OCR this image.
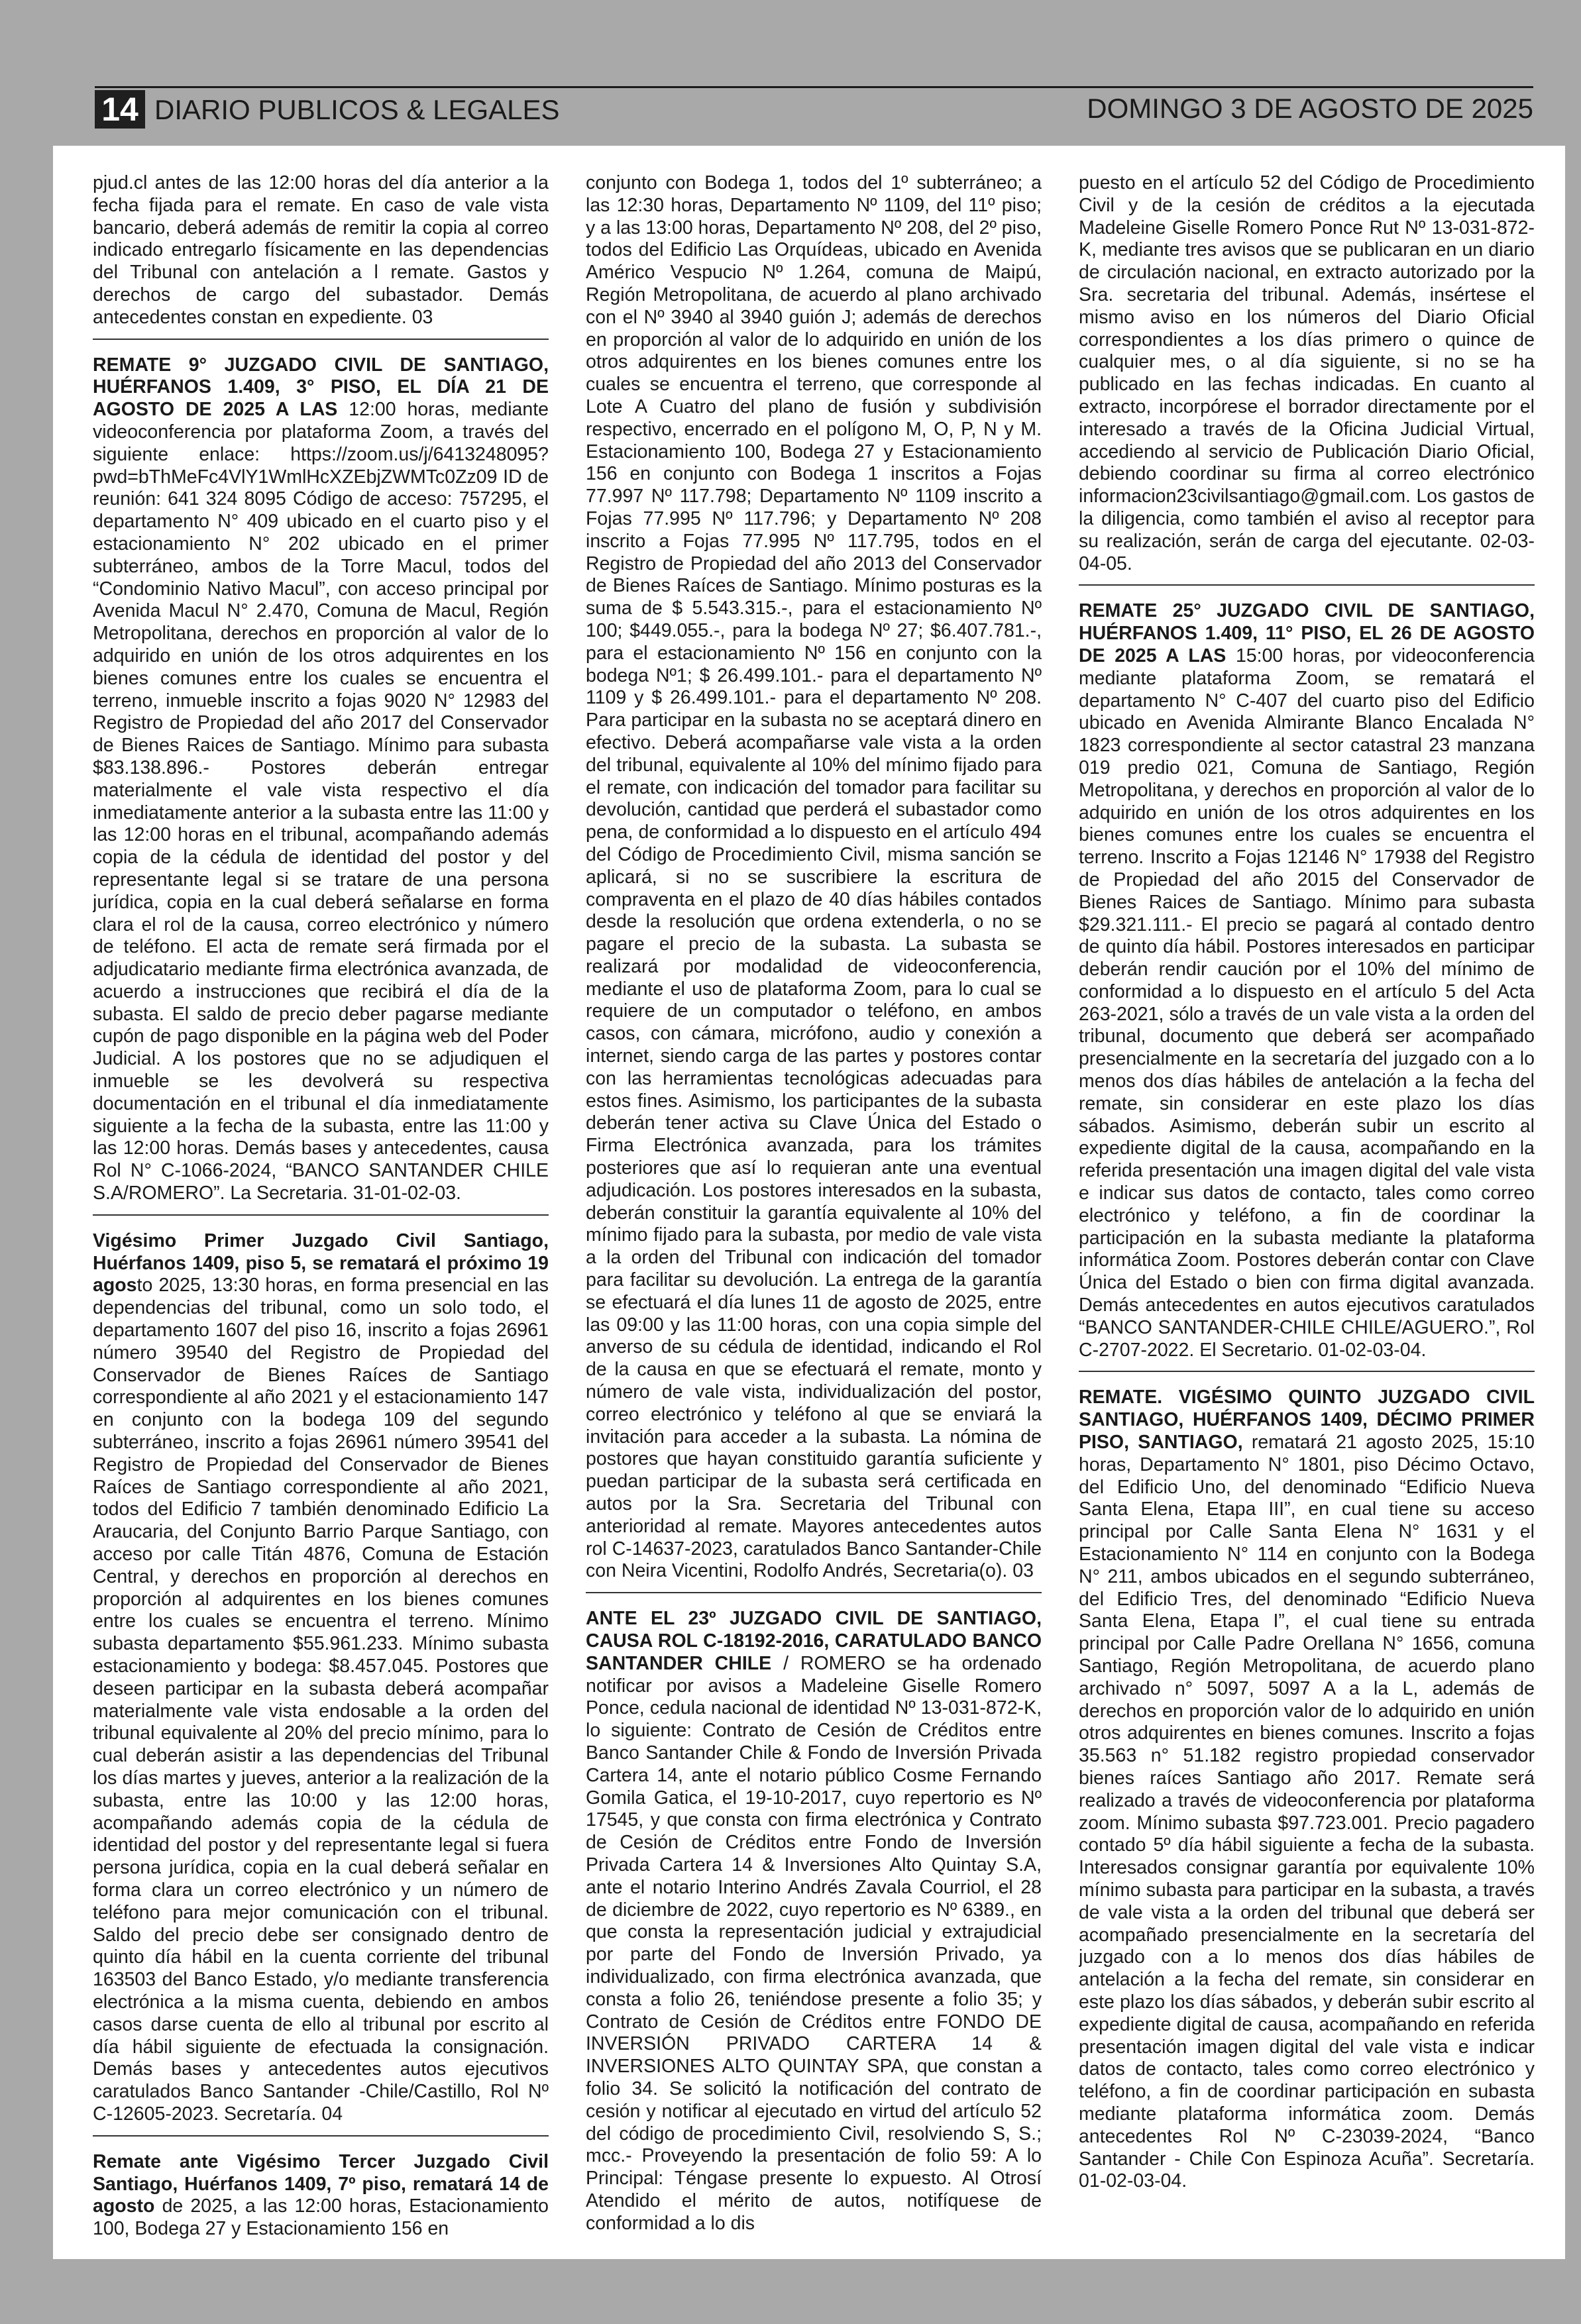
14 DIARIO PUBLICOS & LEGALES	DOMINGO 3 DE AGOSTO DE 2025

pjud.cl antes de las 12:00 horas del día anterior a la fecha fijada para el remate. En caso de vale vista bancario, deberá además de remitir la copia al correo indicado entregarlo físicamente en las dependencias del Tribunal con antelación a l remate. Gastos y derechos de cargo del subastador. Demás antecedentes constan en expediente. 03

REMATE 9° JUZGADO CIVIL DE SANTIAGO, HUÉRFANOS 1.409, 3° PISO, EL DÍA 21 DE AGOSTO DE 2025 A LAS 12:00 horas, mediante videoconferencia por plataforma Zoom, a través del siguiente enlace: https://zoom.us/j/6413248095?pwd=bThMeFc4VlY1WmlHcXZEbjZWMTc0Zz09 ID de reunión: 641 324 8095 Código de acceso: 757295, el departamento N° 409 ubicado en el cuarto piso y el estacionamiento N° 202 ubicado en el primer subterráneo, ambos de la Torre Macul, todos del “Condominio Nativo Macul”, con acceso principal por Avenida Macul N° 2.470, Comuna de Macul, Región Metropolitana, derechos en proporción al valor de lo adquirido en unión de los otros adquirentes en los bienes comunes entre los cuales se encuentra el terreno, inmueble inscrito a fojas 9020 N° 12983 del Registro de Propiedad del año 2017 del Conservador de Bienes Raices de Santiago. Mínimo para subasta $83.138.896.- Postores deberán entregar materialmente el vale vista respectivo el día inmediatamente anterior a la subasta entre las 11:00 y las 12:00 horas en el tribunal, acompañando además copia de la cédula de identidad del postor y del representante legal si se tratare de una persona jurídica, copia en la cual deberá señalarse en forma clara el rol de la causa, correo electrónico y número de teléfono. El acta de remate será firmada por el adjudicatario mediante firma electrónica avanzada, de acuerdo a instrucciones que recibirá el día de la subasta. El saldo de precio deber pagarse mediante cupón de pago disponible en la página web del Poder Judicial. A los postores que no se adjudiquen el inmueble se les devolverá su respectiva documentación en el tribunal el día inmediatamente siguiente a la fecha de la subasta, entre las 11:00 y las 12:00 horas. Demás bases y antecedentes, causa Rol N° C-1066-2024, “BANCO SANTANDER CHILE S.A/ROMERO”. La Secretaria. 31-01-02-03.

Vigésimo Primer Juzgado Civil Santiago, Huérfanos 1409, piso 5, se rematará el próximo 19 agosto 2025, 13:30 horas, en forma presencial en las dependencias del tribunal, como un solo todo, el departamento 1607 del piso 16, inscrito a fojas 26961 número 39540 del Registro de Propiedad del Conservador de Bienes Raíces de Santiago correspondiente al año 2021 y el estacionamiento 147 en conjunto con la bodega 109 del segundo subterráneo, inscrito a fojas 26961 número 39541 del Registro de Propiedad del Conservador de Bienes Raíces de Santiago correspondiente al año 2021, todos del Edificio 7 también denominado Edificio La Araucaria, del Conjunto Barrio Parque Santiago, con acceso por calle Titán 4876, Comuna de Estación Central, y derechos en proporción al derechos en proporción al adquirentes en los bienes comunes entre los cuales se encuentra el terreno. Mínimo subasta departamento $55.961.233. Mínimo subasta estacionamiento y bodega: $8.457.045. Postores que deseen participar en la subasta deberá acompañar materialmente vale vista endosable a la orden del tribunal equivalente al 20% del precio mínimo, para lo cual deberán asistir a las dependencias del Tribunal los días martes y jueves, anterior a la realización de la subasta, entre las 10:00 y las 12:00 horas, acompañando además copia de la cédula de identidad del postor y del representante legal si fuera persona jurídica, copia en la cual deberá señalar en forma clara un correo electrónico y un número de teléfono para mejor comunicación con el tribunal. Saldo del precio debe ser consignado dentro de quinto día hábil en la cuenta corriente del tribunal 163503 del Banco Estado, y/o mediante transferencia electrónica a la misma cuenta, debiendo en ambos casos darse cuenta de ello al tribunal por escrito al día hábil siguiente de efectuada la consignación. Demás bases y antecedentes autos ejecutivos caratulados Banco Santander -Chile/Castillo, Rol Nº C-12605-2023. Secretaría. 04

Remate ante Vigésimo Tercer Juzgado Civil Santiago, Huérfanos 1409, 7º piso, rematará 14 de agosto de 2025, a las 12:00 horas, Estacionamiento 100, Bodega 27 y Estacionamiento 156 en

conjunto con Bodega 1, todos del 1º subterráneo; a las 12:30 horas, Departamento Nº 1109, del 11º piso; y a las 13:00 horas, Departamento Nº 208, del 2º piso, todos del Edificio Las Orquídeas, ubicado en Avenida Américo Vespucio Nº 1.264, comuna de Maipú, Región Metropolitana, de acuerdo al plano archivado con el Nº 3940 al 3940 guión J; además de derechos en proporción al valor de lo adquirido en unión de los otros adquirentes en los bienes comunes entre los cuales se encuentra el terreno, que corresponde al Lote A Cuatro del plano de fusión y subdivisión respectivo, encerrado en el polígono M, O, P, N y M. Estacionamiento 100, Bodega 27 y Estacionamiento 156 en conjunto con Bodega 1 inscritos a Fojas 77.997 Nº 117.798; Departamento Nº 1109 inscrito a Fojas 77.995 Nº 117.796; y Departamento Nº 208 inscrito a Fojas 77.995 Nº 117.795, todos en el Registro de Propiedad del año 2013 del Conservador de Bienes Raíces de Santiago. Mínimo posturas es la suma de $ 5.543.315.-, para el estacionamiento Nº 100; $449.055.-, para la bodega Nº 27; $6.407.781.-, para el estacionamiento Nº 156 en conjunto con la bodega Nº1; $ 26.499.101.- para el departamento Nº 1109 y $ 26.499.101.- para el departamento Nº 208. Para participar en la subasta no se aceptará dinero en efectivo. Deberá acompañarse vale vista a la orden del tribunal, equivalente al 10% del mínimo fijado para el remate, con indicación del tomador para facilitar su devolución, cantidad que perderá el subastador como pena, de conformidad a lo dispuesto en el artículo 494 del Código de Procedimiento Civil, misma sanción se aplicará, si no se suscribiere la escritura de compraventa en el plazo de 40 días hábiles contados desde la resolución que ordena extenderla, o no se pagare el precio de la subasta. La subasta se realizará por modalidad de videoconferencia, mediante el uso de plataforma Zoom, para lo cual se requiere de un computador o teléfono, en ambos casos, con cámara, micrófono, audio y conexión a internet, siendo carga de las partes y postores contar con las herramientas tecnológicas adecuadas para estos fines. Asimismo, los participantes de la subasta deberán tener activa su Clave Única del Estado o Firma Electrónica avanzada, para los trámites posteriores que así lo requieran ante una eventual adjudicación. Los postores interesados en la subasta, deberán constituir la garantía equivalente al 10% del mínimo fijado para la subasta, por medio de vale vista a la orden del Tribunal con indicación del tomador para facilitar su devolución. La entrega de la garantía se efectuará el día lunes 11 de agosto de 2025, entre las 09:00 y las 11:00 horas, con una copia simple del anverso de su cédula de identidad, indicando el Rol de la causa en que se efectuará el remate, monto y número de vale vista, individualización del postor, correo electrónico y teléfono al que se enviará la invitación para acceder a la subasta. La nómina de postores que hayan constituido garantía suficiente y puedan participar de la subasta será certificada en autos por la Sra. Secretaria del Tribunal con anterioridad al remate. Mayores antecedentes autos rol C-14637-2023, caratulados Banco Santander-Chile con Neira Vicentini, Rodolfo Andrés, Secretaria(o). 03

ANTE EL 23º JUZGADO CIVIL DE SANTIAGO, CAUSA ROL C-18192-2016, CARATULADO BANCO SANTANDER CHILE / ROMERO se ha ordenado notificar por avisos a Madeleine Giselle Romero Ponce, cedula nacional de identidad Nº 13-031-872-K, lo siguiente: Contrato de Cesión de Créditos entre Banco Santander Chile & Fondo de Inversión Privada Cartera 14, ante el notario público Cosme Fernando Gomila Gatica, el 19-10-2017, cuyo repertorio es Nº 17545, y que consta con firma electrónica y Contrato de Cesión de Créditos entre Fondo de Inversión Privada Cartera 14 & Inversiones Alto Quintay S.A, ante el notario Interino Andrés Zavala Courriol, el 28 de diciembre de 2022, cuyo repertorio es Nº 6389., en que consta la representación judicial y extrajudicial por parte del Fondo de Inversión Privado, ya individualizado, con firma electrónica avanzada, que consta a folio 26, teniéndose presente a folio 35; y Contrato de Cesión de Créditos entre FONDO DE INVERSIÓN PRIVADO CARTERA 14 & INVERSIONES ALTO QUINTAY SPA, que constan a folio 34. Se solicitó la notificación del contrato de cesión y notificar al ejecutado en virtud del artículo 52 del código de procedimiento Civil, resolviendo S, S.; mcc.- Proveyendo la presentación de folio 59: A lo Principal: Téngase presente lo expuesto. Al Otrosí Atendido el mérito de autos, notifíquese de conformidad a lo dis

puesto en el artículo 52 del Código de Procedimiento Civil y de la cesión de créditos a la ejecutada Madeleine Giselle Romero Ponce Rut Nº 13-031-872-K, mediante tres avisos que se publicaran en un diario de circulación nacional, en extracto autorizado por la Sra. secretaria del tribunal. Además, insértese el mismo aviso en los números del Diario Oficial correspondientes a los días primero o quince de cualquier mes, o al día siguiente, si no se ha publicado en las fechas indicadas. En cuanto al extracto, incorpórese el borrador directamente por el interesado a través de la Oficina Judicial Virtual, accediendo al servicio de Publicación Diario Oficial, debiendo coordinar su firma al correo electrónico informacion23civilsantiago@gmail.com. Los gastos de la diligencia, como también el aviso al receptor para su realización, serán de carga del ejecutante. 02-03-04-05.

REMATE 25° JUZGADO CIVIL DE SANTIAGO, HUÉRFANOS 1.409, 11° PISO, EL 26 DE AGOSTO DE 2025 A LAS 15:00 horas, por videoconferencia mediante plataforma Zoom, se rematará el departamento N° C-407 del cuarto piso del Edificio ubicado en Avenida Almirante Blanco Encalada N° 1823 correspondiente al sector catastral 23 manzana 019 predio 021, Comuna de Santiago, Región Metropolitana, y derechos en proporción al valor de lo adquirido en unión de los otros adquirentes en los bienes comunes entre los cuales se encuentra el terreno. Inscrito a Fojas 12146 N° 17938 del Registro de Propiedad del año 2015 del Conservador de Bienes Raices de Santiago. Mínimo para subasta $29.321.111.- El precio se pagará al contado dentro de quinto día hábil. Postores interesados en participar deberán rendir caución por el 10% del mínimo de conformidad a lo dispuesto en el artículo 5 del Acta 263-2021, sólo a través de un vale vista a la orden del tribunal, documento que deberá ser acompañado presencialmente en la secretaría del juzgado con a lo menos dos días hábiles de antelación a la fecha del remate, sin considerar en este plazo los días sábados. Asimismo, deberán subir un escrito al expediente digital de la causa, acompañando en la referida presentación una imagen digital del vale vista e indicar sus datos de contacto, tales como correo electrónico y teléfono, a fin de coordinar la participación en la subasta mediante la plataforma informática Zoom. Postores deberán contar con Clave Única del Estado o bien con firma digital avanzada. Demás antecedentes en autos ejecutivos caratulados “BANCO SANTANDER-CHILE CHILE/AGUERO.”, Rol C-2707-2022. El Secretario. 01-02-03-04.

REMATE. VIGÉSIMO QUINTO JUZGADO CIVIL SANTIAGO, HUÉRFANOS 1409, DÉCIMO PRIMER PISO, SANTIAGO, rematará 21 agosto 2025, 15:10 horas, Departamento N° 1801, piso Décimo Octavo, del Edificio Uno, del denominado “Edificio Nueva Santa Elena, Etapa III”, en cual tiene su acceso principal por Calle Santa Elena N° 1631 y el Estacionamiento N° 114 en conjunto con la Bodega N° 211, ambos ubicados en el segundo subterráneo, del Edificio Tres, del denominado “Edificio Nueva Santa Elena, Etapa I”, el cual tiene su entrada principal por Calle Padre Orellana N° 1656, comuna Santiago, Región Metropolitana, de acuerdo plano archivado n° 5097, 5097 A a la L, además de derechos en proporción valor de lo adquirido en unión otros adquirentes en bienes comunes. Inscrito a fojas 35.563 n° 51.182 registro propiedad conservador bienes raíces Santiago año 2017. Remate será realizado a través de videoconferencia por plataforma zoom. Mínimo subasta $97.723.001. Precio pagadero contado 5º día hábil siguiente a fecha de la subasta. Interesados consignar garantía por equivalente 10% mínimo subasta para participar en la subasta, a través de vale vista a la orden del tribunal que deberá ser acompañado presencialmente en la secretaría del juzgado con a lo menos dos días hábiles de antelación a la fecha del remate, sin considerar en este plazo los días sábados, y deberán subir escrito al expediente digital de causa, acompañando en referida presentación imagen digital del vale vista e indicar datos de contacto, tales como correo electrónico y teléfono, a fin de coordinar participación en subasta mediante plataforma informática zoom. Demás antecedentes Rol Nº C-23039-2024, “Banco Santander - Chile Con Espinoza Acuña”. Secretaría. 01-02-03-04.
